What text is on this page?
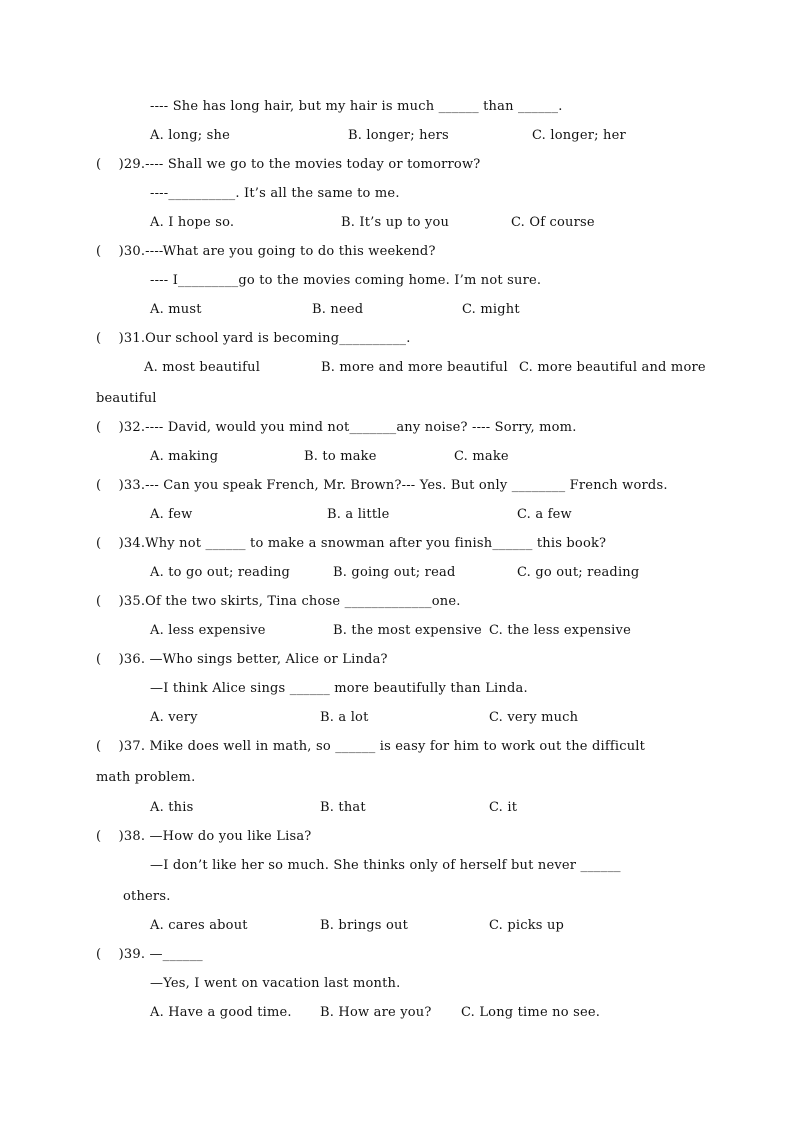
---- She has long hair, but my hair is much ______ than ______.
A. long; she	B. longer; hers	C. longer; her
(    )29.---- Shall we go to the movies today or tomorrow?
----__________. It’s all the same to me.
A. I hope so.	B. It’s up to you	C. Of course
(    )30.----What are you going to do this weekend?
---- I_________go to the movies coming home. I’m not sure.
A. must	B. need	C. might
(    )31.Our school yard is becoming__________.
A. most beautiful	B. more and more beautiful C. more beautiful and more
beautiful
(    )32.---- David, would you mind not_______any noise? ---- Sorry, mom.
A. making	B. to make	C. make
(    )33.--- Can you speak French, Mr. Brown?--- Yes. But only ________ French words.
A. few	B. a little	C. a few
(    )34.Why not ______ to make a snowman after you finish______ this book?
A. to go out; reading	B. going out; read	C. go out; reading
(    )35.Of the two skirts, Tina chose _____________one.
A. less expensive	B. the most expensive C. the less expensive
(    )36. —Who sings better, Alice or Linda?
—I think Alice sings ______ more beautifully than Linda.
A. very	B. a lot	C. very much
(    )37. Mike does well in math, so ______ is easy for him to work out the difficult
math problem.
A. this	B. that	C. it
(    )38. —How do you like Lisa?
—I don’t like her so much. She thinks only of herself but never ______
others.
A. cares about	B. brings out	C. picks up
(    )39. —______
—Yes, I went on vacation last month.
A. Have a good time. B. How are you? C. Long time no see.
